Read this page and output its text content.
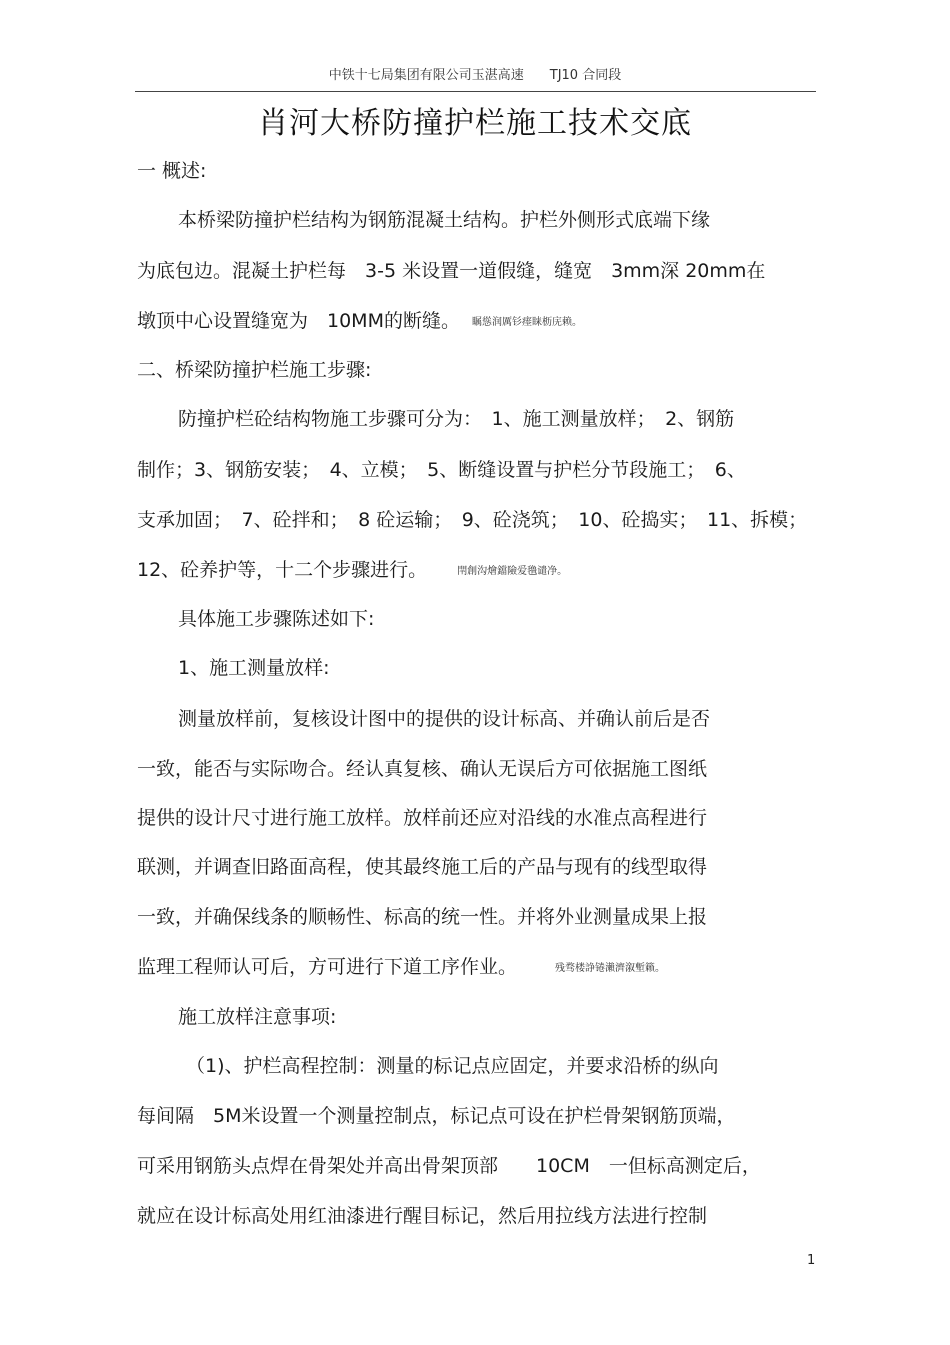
中铁十七局集团有限公司玉湛高速　　TJ10 合同段
肖河大桥防撞护栏施工技术交底
一 概述:
本桥梁防撞护栏结构为钢筋混凝土结构。护栏外侧形式底端下缘
为底包边。混凝土护栏每　3-5 米设置一道假缝，缝宽　3mm深 20mm在
墩顶中心设置缝宽为　10MM的断缝。 瞩慫润厲钐瘗睐枥庑赖。
二、桥梁防撞护栏施工步骤:
防撞护栏砼结构物施工步骤可分为：　1、施工测量放样；　2、钢筋
制作；3、钢筋安装；　4、立模；　5、断缝设置与护栏分节段施工；　6、
支承加固；　7、砼拌和；　8 砼运输；　9、砼浇筑；　10、砼捣实；　11、拆模；
12、砼养护等，十二个步骤进行。	閈創沟燴鐺險爱氇谴净。
具体施工步骤陈述如下:
1、施工测量放样:
测量放样前，复核设计图中的提供的设计标高、并确认前后是否
一致，能否与实际吻合。经认真复核、确认无误后方可依据施工图纸
提供的设计尺寸进行施工放样。放样前还应对沿线的水准点高程进行
联测，并调查旧路面高程，使其最终施工后的产品与现有的线型取得
一致，并确保线条的顺畅性、标高的统一性。并将外业测量成果上报
监理工程师认可后，方可进行下道工序作业。	残骛楼諍锩瀨濟溆塹籟。
施工放样注意事项:
（1)、护栏高程控制：测量的标记点应固定，并要求沿桥的纵向
每间隔　5M米设置一个测量控制点，标记点可设在护栏骨架钢筋顶端，
可采用钢筋头点焊在骨架处并高出骨架顶部　　10CM　一但标高测定后，
就应在设计标高处用红油漆进行醒目标记，然后用拉线方法进行控制
1
